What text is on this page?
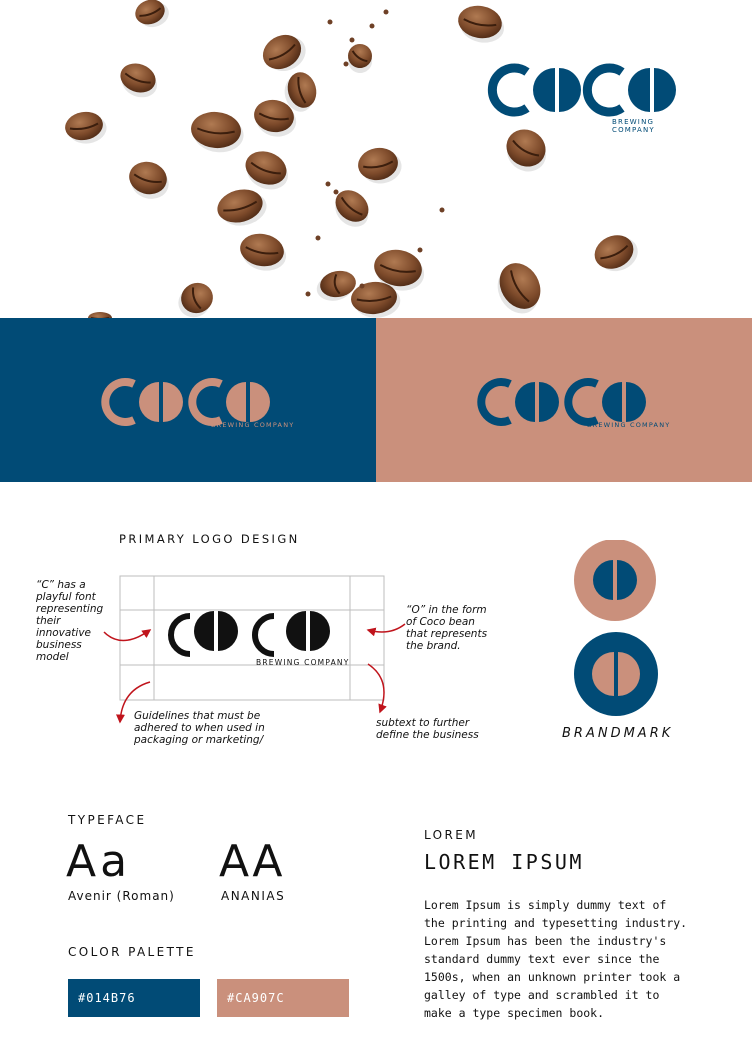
BREWING COMPANY
BREWING COMPANY	BREWING COMPANY
PRIMARY LOGO DESIGN
BREWING COMPANY
“C” has a playful font representing their innovative business model
“O” in the form of Coco bean that represents the brand.
Guidelines that must be adhered to when used in packaging or marketing/
subtext to further define the business	BRANDMARK
TYPEFACE
Aa
Avenir (Roman)
AA
ANANIAS
COLOR PALETTE
#014B76	#CA907C
LOREM
LOREM IPSUM
Lorem Ipsum is simply dummy text of the printing and typesetting industry. Lorem Ipsum has been the industry's standard dummy text ever since the 1500s, when an unknown printer took a galley of type and scrambled it to make a type specimen book.
